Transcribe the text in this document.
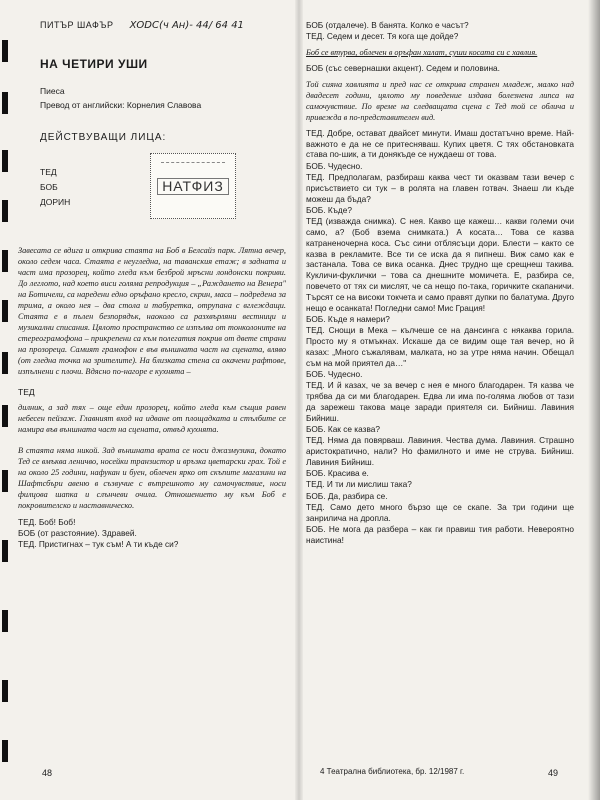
ПИТЪР ШАФЪР ХОDС(ч Ан)- 44/ 64 41
НА ЧЕТИРИ УШИ
Пиеса
Превод от английски: Корнелия Славова
ДЕЙСТВУВАЩИ ЛИЦА:
ТЕД
БОБ
ДОРИН
НАТФИЗ

Завесата се вдига и открива стаята на Боб в Белсайз парк. Лятна вечер, около седем часа. Стаята е неугледна, на таванския етаж; в задната и част има прозорец, който гледа към безброй мръсни лондонски покриви. До леглото, над което виси голяма репродукция – „Раждането на Венера" на Ботичели, са наредени едно оръфано кресло, скрин, маса – подредена за трима, а около нея – два стола и табуретка, отрупана с вглеждащи. Стаята е в пълен безпорядък, наоколо са разхвърляни вестници и музикални списания. Цялото пространство се изпълва от тонколоните на стереограмофона – прикрепени са към полегатия покрив от двете страни на прозореца. Самият грамофон е във външната част на сцената, вляво (от гледна точка на зрителите). На близката стена са окачени рафтове, изпълнени с плочи. Вдясно по-нагоре е кухнята –

ТЕД

дилник, а зад тях – още един прозорец, който гледа към същия равен небесен пейзаж. Главният вход на идване от площадката и стълбите се намира във външната част на сцената, отвъд кухнята.

В стаята няма никой. Зад външната врата се носи джазмузика, докато Тед се вмъква леничво, носейки транзистор и връзка цветарски грах. Той е на около 25 години, нафукан и буен, облечен ярко от скъпите магазини на Шафтсбъри авеню в съзвучие с вътрешното му самочувствие, носи филцова шапка и слънчеви очила. Отношението му към Боб е покровителско и наставническо.

ТЕД. Боб! Боб!

БОБ (от разстояние). Здравей.

ТЕД. Пристигнах – тук съм! А ти къде си?

48

БОБ (отдалече). В банята. Колко е часът?

ТЕД. Седем и десет. Тя кога ще дойде?

Боб се втурва, облечен в оръфан халат, суши косата си с хавлия.

БОБ (със севернашки акцент). Седем и половина.

Той сияна хавлията и пред нас се открива странен младеж, малко над двадесет години, цялото му поведение издава болезнена липса на самочувствие. По време на следващата сцена с Тед той се облича и привежда в по-представителен вид.

ТЕД. Добре, остават двайсет минути. Имаш достатъчно време. Най-важното е да не се притесняваш. Купих цветя. С тях обстановката става по-шик, а ти донякъде се нуждаеш от това.

БОБ. Чудесно.

ТЕД. Предполагам, разбираш каква чест ти оказвам тази вечер с присъствието си тук – в ролята на главен готвач. Знаеш ли къде можеш да бъда?

БОБ. Къде?

ТЕД (изважда снимка). С нея. Какво ще кажеш… какви големи очи само, а? (Боб взема снимката.) А косата… Това се казва катраненочерна коса. Със сини отблясъци дори. Блести – както се казва в рекламите. Все ти се иска да я пипнеш. Виж само как е застанала. Това се вика осанка. Днес трудно ще срещнеш такива. Кукличи-фуклички – това са днешните момичета. Е, разбира се, повечето от тях си мислят, че са нещо по-така, горичките скапаничи. Търсят се на високи токчета и само правят дупки по балатума. Друго нещо е осанката! Погледни само! Мис Грация!

БОБ. Къде я намери?

ТЕД. Снощи в Мека – кълчеше се на дансинга с някаква горила. Просто му я отмъкнах. Искаше да се видим още тая вечер, но й казах: „Много съжалявам, малката, но за утре няма начин. Обещал съм на мой приятел да…"

БОБ. Чудесно.

ТЕД. И й казах, че за вечер с нея е много благодарен. Тя казва че трябва да си ми благодарен. Едва ли има по-голяма любов от тази да зарежеш такова маце заради приятеля си. Бийниш. Лавиния Бийниш.

БОБ. Как се казва?

ТЕД. Няма да повярваш. Лавиния. Чества дума. Лавиния. Страшно аристократично, нали? Но фамилното и име не струва. Бийниш. Лавиния Бийниш.

БОБ. Красива е.

ТЕД. И ти ли мислиш така?

БОБ. Да, разбира се.

ТЕД. Само дето много бързо ще се скапе. За три години ще занрилича на дропла.

БОБ. Не мога да разбера – как ги правиш тия работи. Невероятно наистина!

4 Театрална библиотека, бр. 12/1987 г.	49
